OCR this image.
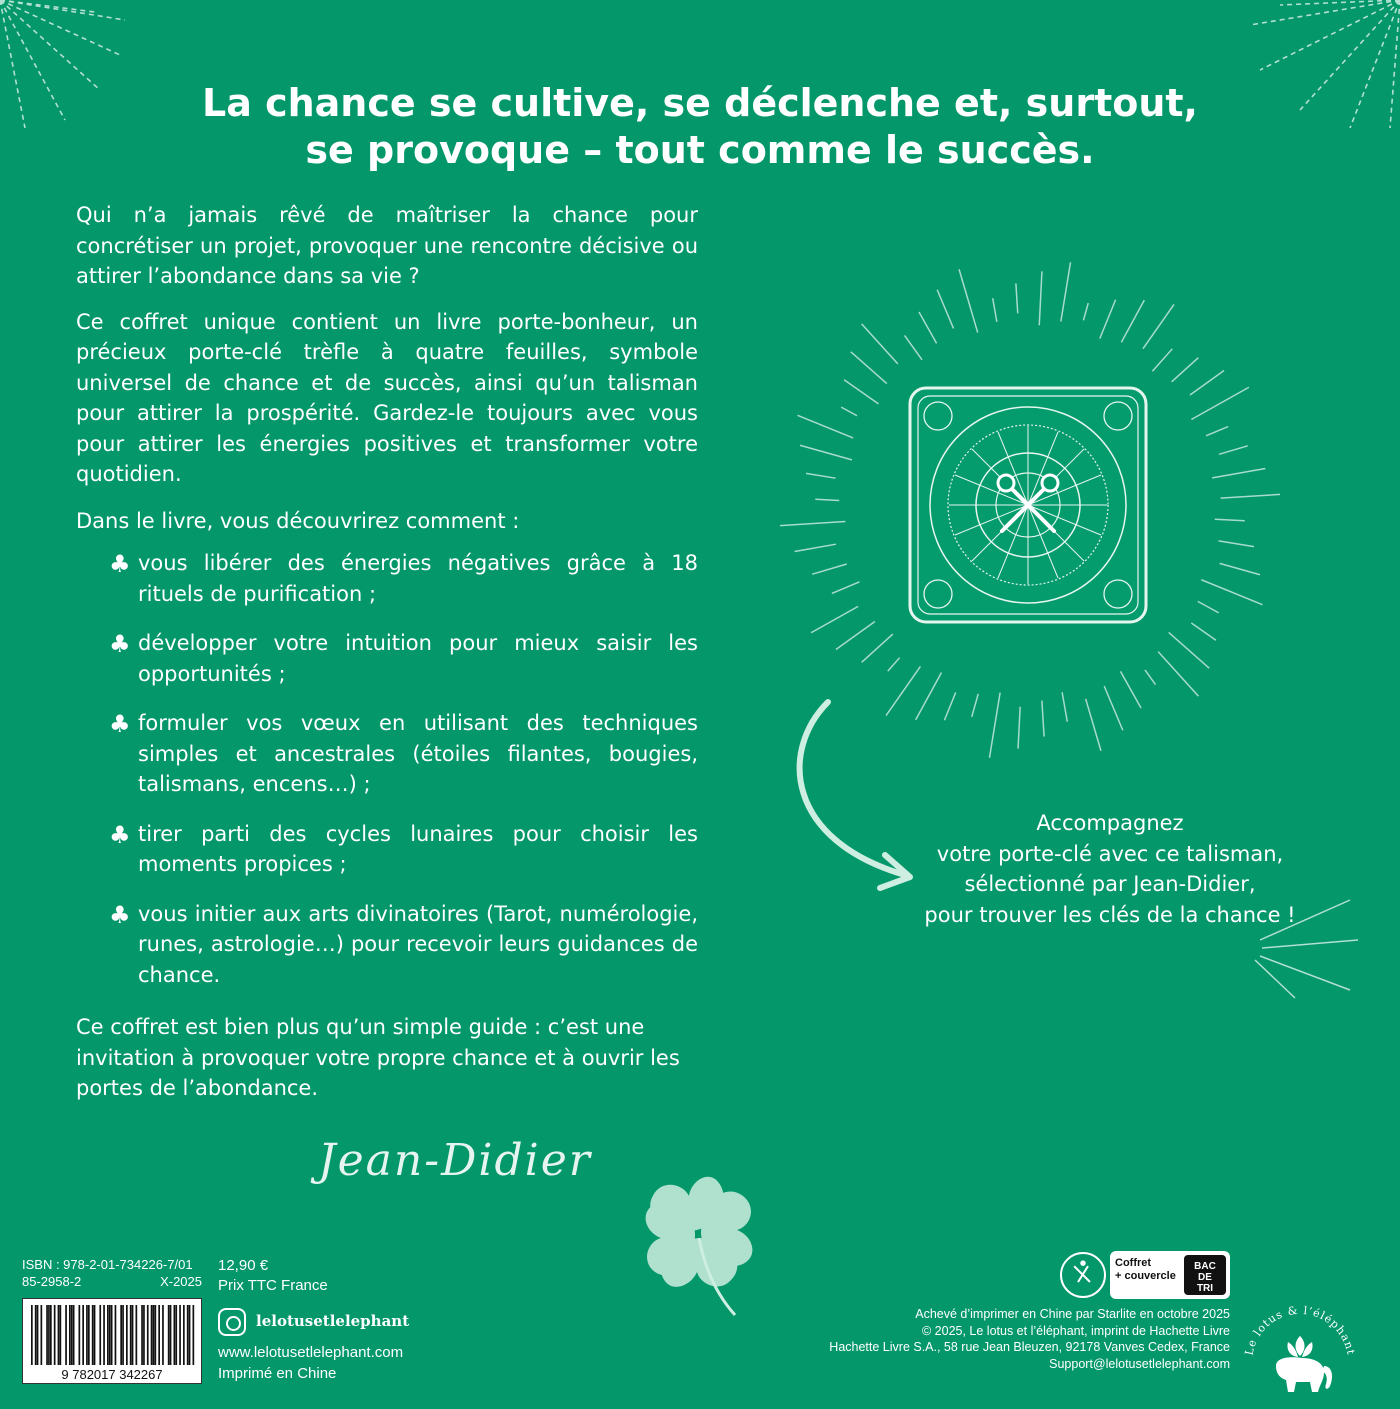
La chance se cultive, se déclenche et, surtout,
se provoque – tout comme le succès.

Qui n’a jamais rêvé de maîtriser la chance pour concrétiser un projet, provoquer une rencontre décisive ou attirer l’abondance dans sa vie ?

Ce coffret unique contient un livre porte-bonheur, un précieux porte-clé trèfle à quatre feuilles, symbole universel de chance et de succès, ainsi qu’un talisman pour attirer la prospérité. Gardez-le toujours avec vous pour attirer les énergies positives et transformer votre quotidien.

Dans le livre, vous découvrirez comment :

♣ vous libérer des énergies négatives grâce à 18 rituels de purification ;
♣ développer votre intuition pour mieux saisir les opportunités ;
♣ formuler vos vœux en utilisant des techniques simples et ancestrales (étoiles filantes, bougies, talismans, encens…) ;
♣ tirer parti des cycles lunaires pour choisir les moments propices ;
♣ vous initier aux arts divinatoires (Tarot, numérologie, runes, astrologie…) pour recevoir leurs guidances de chance.

Ce coffret est bien plus qu’un simple guide : c’est une invitation à provoquer votre propre chance et à ouvrir les portes de l’abondance.

Jean-Didier
Accompagnez
votre porte-clé avec ce talisman,
sélectionné par Jean-Didier,
pour trouver les clés de la chance !
ISBN : 978-2-01-734226-7/01
85-2958-2	X-2025
9 782017 342267
12,90 €
Prix TTC France
lelotusetlelephant
www.lelotusetlelephant.com
Imprimé en Chine
Coffret
+ couvercle
BAC
DE
TRI
Achevé d’imprimer en Chine par Starlite en octobre 2025
© 2025, Le lotus et l’éléphant, imprint de Hachette Livre
Hachette Livre S.A., 58 rue Jean Bleuzen, 92178 Vanves Cedex, France
Support@lelotusetlelephant.com
Le lotus & l’éléphant
